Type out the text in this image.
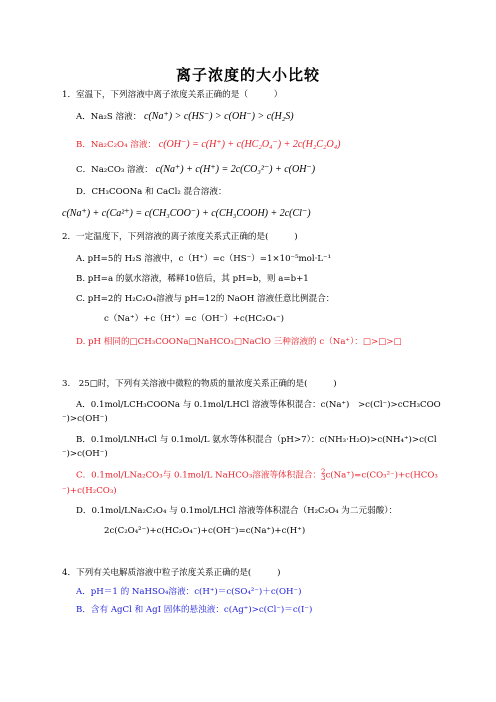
离子浓度的大小比较
1．室温下，下列溶液中离子浓度关系正确的是（　　　）
A．Na₂S 溶液： c(Na⁺) > c(HS⁻) > c(OH⁻) > c(H₂S)
B．Na₂C₂O₄ 溶液： c(OH⁻) = c(H⁺) + c(HC₂O₄⁻) + 2c(H₂C₂O₄)
C．Na₂CO₃ 溶液： c(Na⁺) + c(H⁺) = 2c(CO₃²⁻) + c(OH⁻)
D．CH₃COONa 和 CaCl₂ 混合溶液：
c(Na⁺) + c(Ca²⁺) = c(CH₃COO⁻) + c(CH₃COOH) + 2c(Cl⁻)
2．一定温度下，下列溶液的离子浓度关系式正确的是(　　　)
A. pH=5的 H₂S 溶液中，c（H⁺）=c（HS⁻）=1×10⁻⁵mol·L⁻¹
B. pH=a 的氨水溶液，稀释10倍后，其 pH=b，则 a=b+1
C. pH=2的 H₂C₂O₄溶液与 pH=12的 NaOH 溶液任意比例混合：
c（Na⁺）+c（H⁺）=c（OH⁻）+c(HC₂O₄⁻)
D. pH 相同的□CH₃COONa□NaHCO₃□NaClO 三种溶液的 c（Na⁺）：□>□>□
3.　25□时，下列有关溶液中微粒的物质的量浓度关系正确的是(　　　)
A．0.1mol/LCH₃COONa 与 0.1mol/LHCl 溶液等体积混合：c(Na⁺)　>c(Cl⁻)>cCH₃COO
⁻)>c(OH⁻)
B．0.1mol/LNH₄Cl 与 0.1mol/L 氨水等体积混合（pH>7）：c(NH₃·H₂O)>c(NH₄⁺)>c(Cl
⁻)>c(OH⁻)
C．0.1mol/LNa₂CO₃与 0.1mol/L NaHCO₃溶液等体积混合：2
3c(Na⁺)=c(CO₃²⁻)+c(HCO₃
⁻)+c(H₂CO₃)
D．0.1mol/LNa₂C₂O₄ 与 0.1mol/LHCl 溶液等体积混合（H₂C₂O₄ 为二元弱酸）：
2c(C₂O₄²⁻)+c(HC₂O₄⁻)+c(OH⁻)=c(Na⁺)+c(H⁺)
4．下列有关电解质溶液中粒子浓度关系正确的是(　　　)
A．pH＝1 的 NaHSO₄溶液：c(H⁺)＝c(SO₄²⁻)＋c(OH⁻)
B．含有 AgCl 和 AgI 固体的悬浊液：c(Ag⁺)>c(Cl⁻)＝c(I⁻)
